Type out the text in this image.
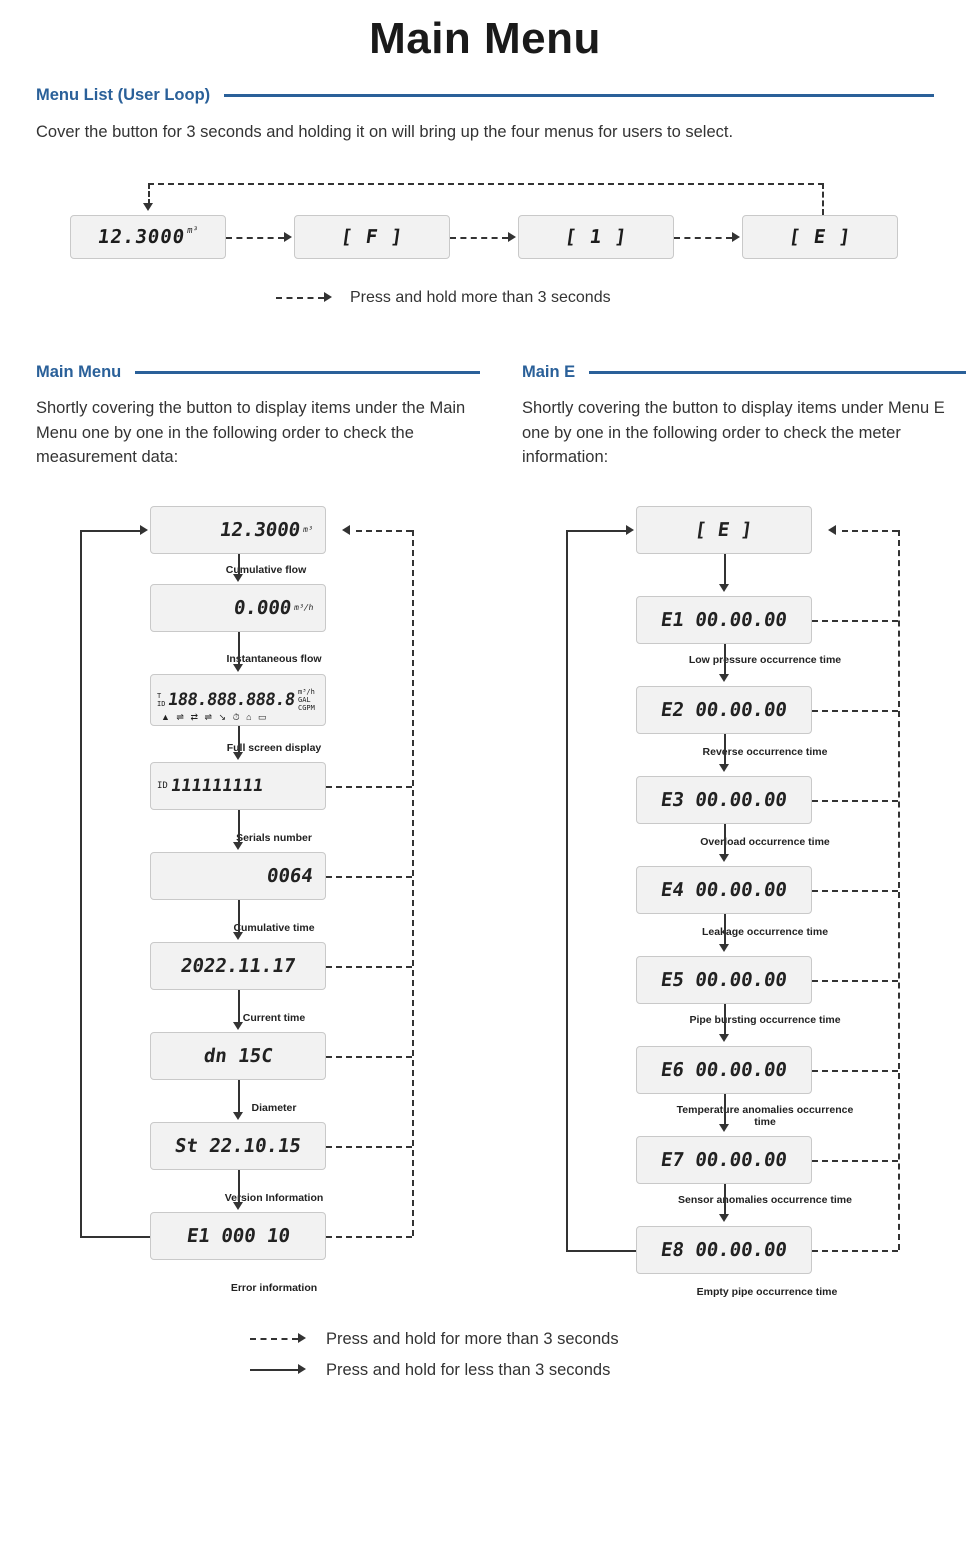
Main Menu
Menu List (User Loop)
Cover the button for 3 seconds and holding it on will bring up the four menus for users to select.
12.3000 m³	[ F ]	[ 1 ]	[ E ]
Press and hold more than 3 seconds
Main Menu
Shortly covering the button to display items under the Main Menu one by one in the following order to check the measurement data:
12.3000 m³
Cumulative flow
0.000 m³/h
Instantaneous flow
T
ID 188.888.888.8 m³/h
GAL
CGPM
▲ ⇌ ⇄ ⇌ ↘ ⏱ ⌂ ▭
Full screen display
ID 111111111
Serials number
0064
Cumulative time
2022.11.17
Current time
dn 15C
Diameter
St 22.10.15
Version Information
E1 000 10
Error information
Main E
Shortly covering the button to display items under Menu E one by one in the following order to check the meter information:
[ E ]
E1 00.00.00
Low pressure occurrence time
E2 00.00.00
Reverse occurrence time
E3 00.00.00
Overload occurrence time
E4 00.00.00
Leakage occurrence time
E5 00.00.00
Pipe bursting occurrence time
E6 00.00.00
Temperature anomalies occurrence time
E7 00.00.00
Sensor anomalies occurrence time
E8 00.00.00
Empty pipe occurrence time
Press and hold for more than 3 seconds
Press and hold for less than 3 seconds
